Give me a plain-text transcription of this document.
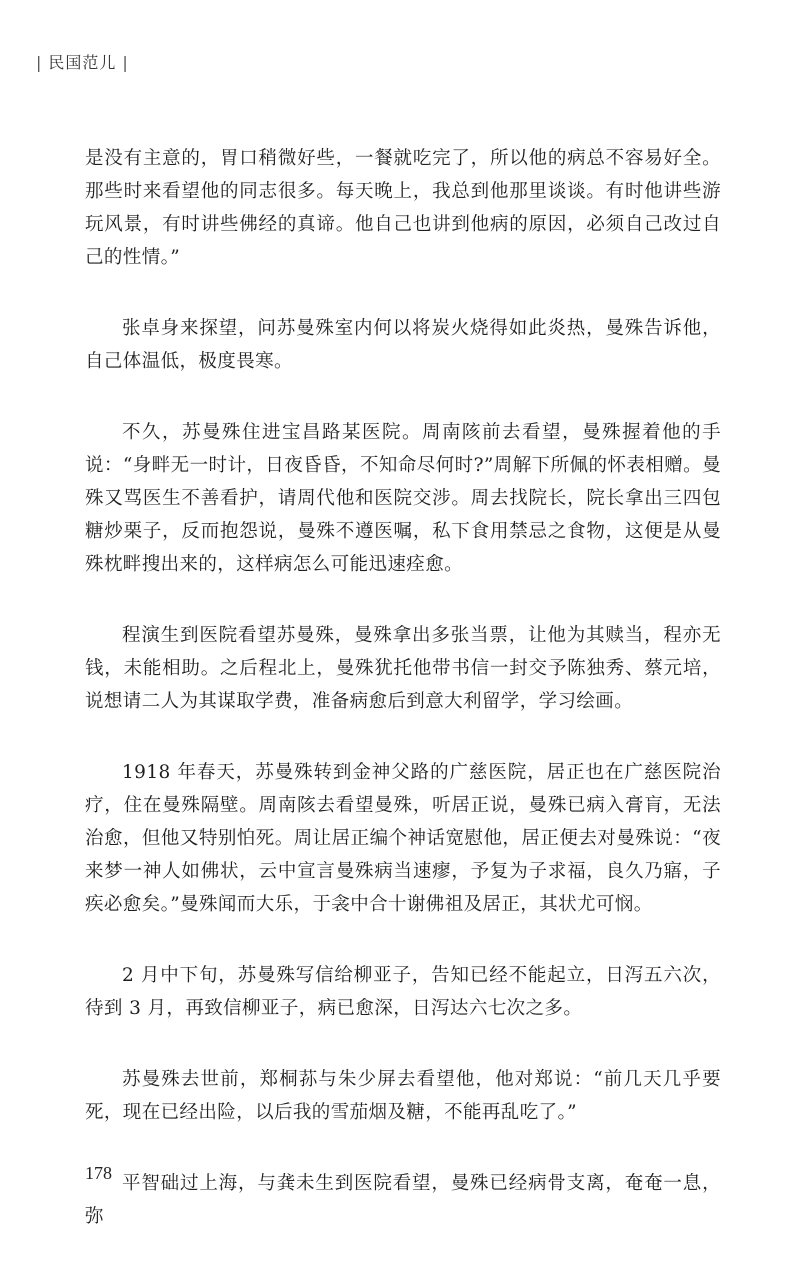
| 民国范儿 |

是没有主意的，胃口稍微好些，一餐就吃完了，所以他的病总不容易好全。那些时来看望他的同志很多。每天晚上，我总到他那里谈谈。有时他讲些游玩风景，有时讲些佛经的真谛。他自己也讲到他病的原因，必须自己改过自己的性情。”

张卓身来探望，问苏曼殊室内何以将炭火烧得如此炎热，曼殊告诉他，自己体温低，极度畏寒。

不久，苏曼殊住进宝昌路某医院。周南陔前去看望，曼殊握着他的手说：“身畔无一时计，日夜昏昏，不知命尽何时?”周解下所佩的怀表相赠。曼殊又骂医生不善看护，请周代他和医院交涉。周去找院长，院长拿出三四包糖炒栗子，反而抱怨说，曼殊不遵医嘱，私下食用禁忌之食物，这便是从曼殊枕畔搜出来的，这样病怎么可能迅速痊愈。

程演生到医院看望苏曼殊，曼殊拿出多张当票，让他为其赎当，程亦无钱，未能相助。之后程北上，曼殊犹托他带书信一封交予陈独秀、蔡元培，说想请二人为其谋取学费，准备病愈后到意大利留学，学习绘画。

1918 年春天，苏曼殊转到金神父路的广慈医院，居正也在广慈医院治疗，住在曼殊隔壁。周南陔去看望曼殊，听居正说，曼殊已病入膏肓，无法治愈，但他又特别怕死。周让居正编个神话宽慰他，居正便去对曼殊说：“夜来梦一神人如佛状，云中宣言曼殊病当速瘳，予复为子求福，良久乃寤，子疾必愈矣。”曼殊闻而大乐，于衾中合十谢佛祖及居正，其状尤可悯。

2 月中下旬，苏曼殊写信给柳亚子，告知已经不能起立，日泻五六次，待到 3 月，再致信柳亚子，病已愈深，日泻达六七次之多。

苏曼殊去世前，郑桐荪与朱少屏去看望他，他对郑说：“前几天几乎要死，现在已经出险，以后我的雪茄烟及糖，不能再乱吃了。”

平智础过上海，与龚未生到医院看望，曼殊已经病骨支离，奄奄一息，弥

178
